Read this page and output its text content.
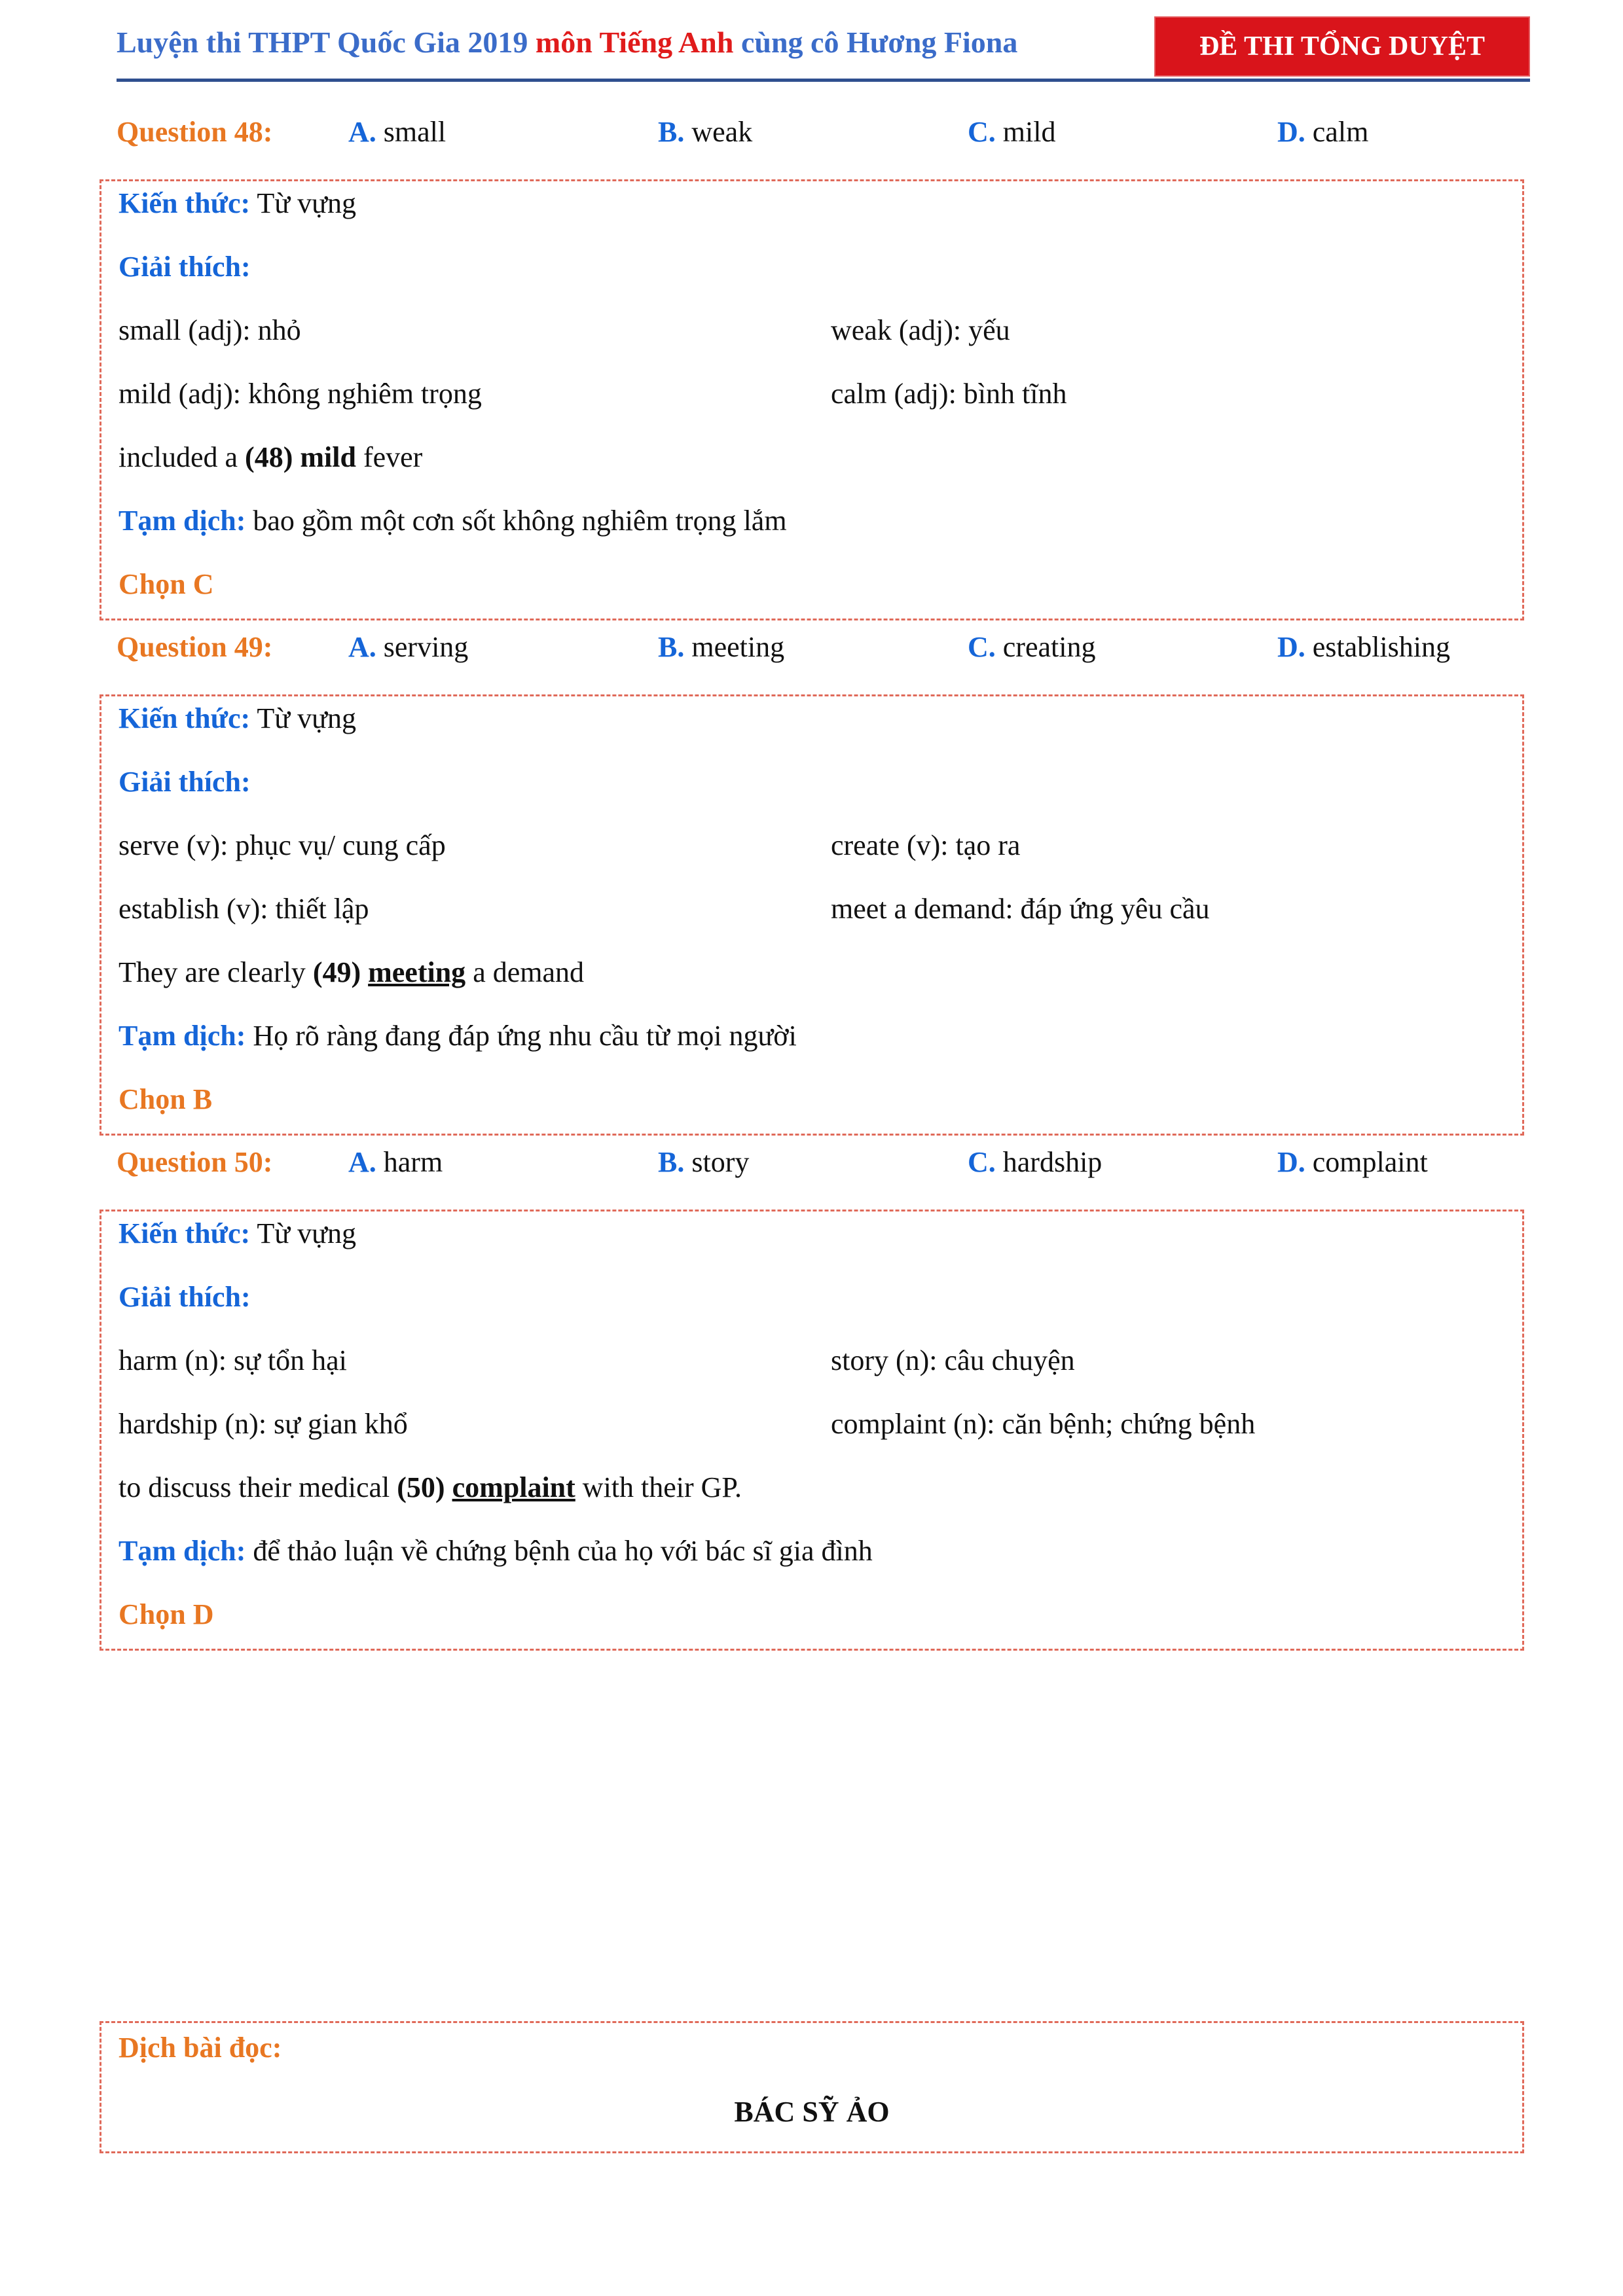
Luyện thi THPT Quốc Gia 2019 môn Tiếng Anh cùng cô Hương Fiona	ĐỀ THI TỔNG DUYỆT
Question 48:	A. small	B. weak	C. mild	D. calm
Kiến thức: Từ vựng
Giải thích:
small (adj): nhỏ	weak (adj): yếu
mild (adj): không nghiêm trọng	calm (adj): bình tĩnh
included a (48) mild fever
Tạm dịch: bao gồm một cơn sốt không nghiêm trọng lắm
Chọn C
Question 49:	A. serving	B. meeting	C. creating	D. establishing
Kiến thức: Từ vựng
Giải thích:
serve (v): phục vụ/ cung cấp	create (v): tạo ra
establish (v): thiết lập	meet a demand: đáp ứng yêu cầu
They are clearly (49) meeting a demand
Tạm dịch: Họ rõ ràng đang đáp ứng nhu cầu từ mọi người
Chọn B
Question 50:	A. harm	B. story	C. hardship	D. complaint
Kiến thức: Từ vựng
Giải thích:
harm (n): sự tổn hại	story (n): câu chuyện
hardship (n): sự gian khổ	complaint (n): căn bệnh; chứng bệnh
to discuss their medical (50) complaint with their GP.
Tạm dịch: để thảo luận về chứng bệnh của họ với bác sĩ gia đình
Chọn D
Dịch bài đọc:
BÁC SỸ ẢO
